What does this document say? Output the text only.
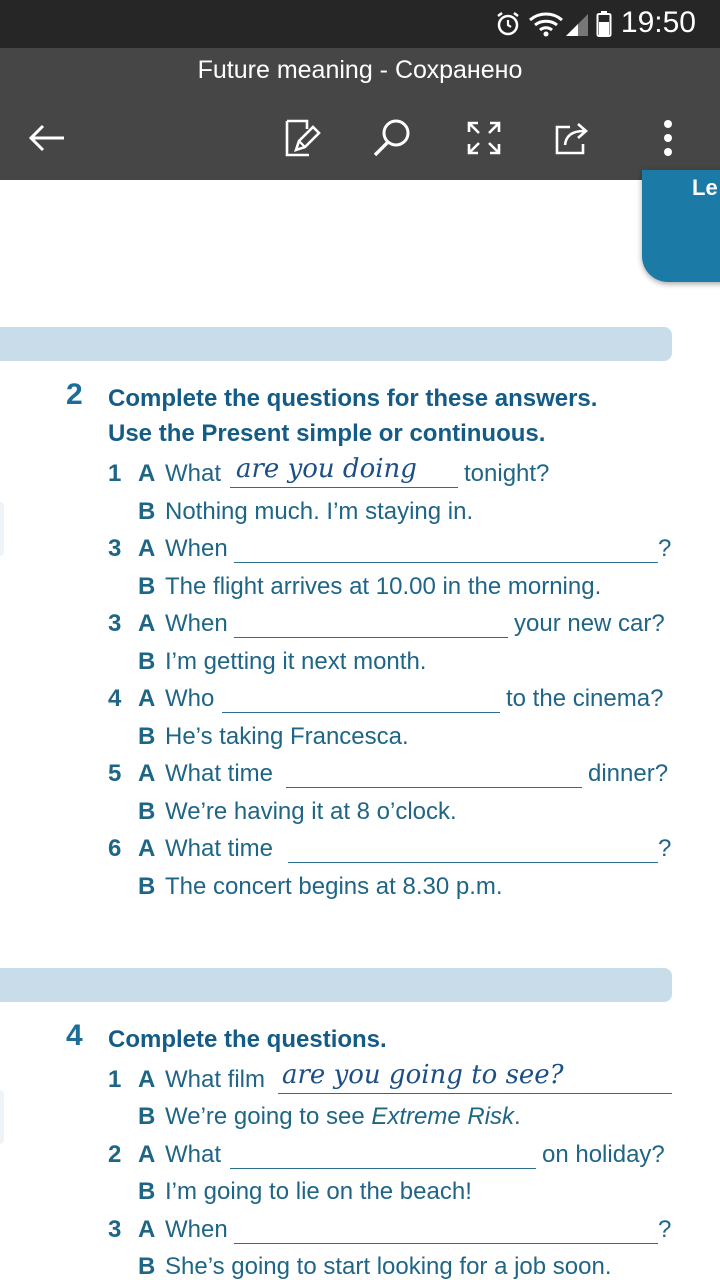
19:50
Future meaning - Сохранено
Le
2 Complete the questions for these answers.
Use the Present simple or continuous.
1 A What are you doing tonight?
B Nothing much. I’m staying in.
3 A When	?
B The flight arrives at 10.00 in the morning.
3 A When	your new car?
B I’m getting it next month.
4 A Who	to the cinema?
B He’s taking Francesca.
5 A What time	dinner?
B We’re having it at 8 o’clock.
6 A What time	?
B The concert begins at 8.30 p.m.
4 Complete the questions.
1 A What film are you going to see?
B We’re going to see Extreme Risk.
2 A What	on holiday?
B I’m going to lie on the beach!
3 A When	?
B She’s going to start looking for a job soon.
